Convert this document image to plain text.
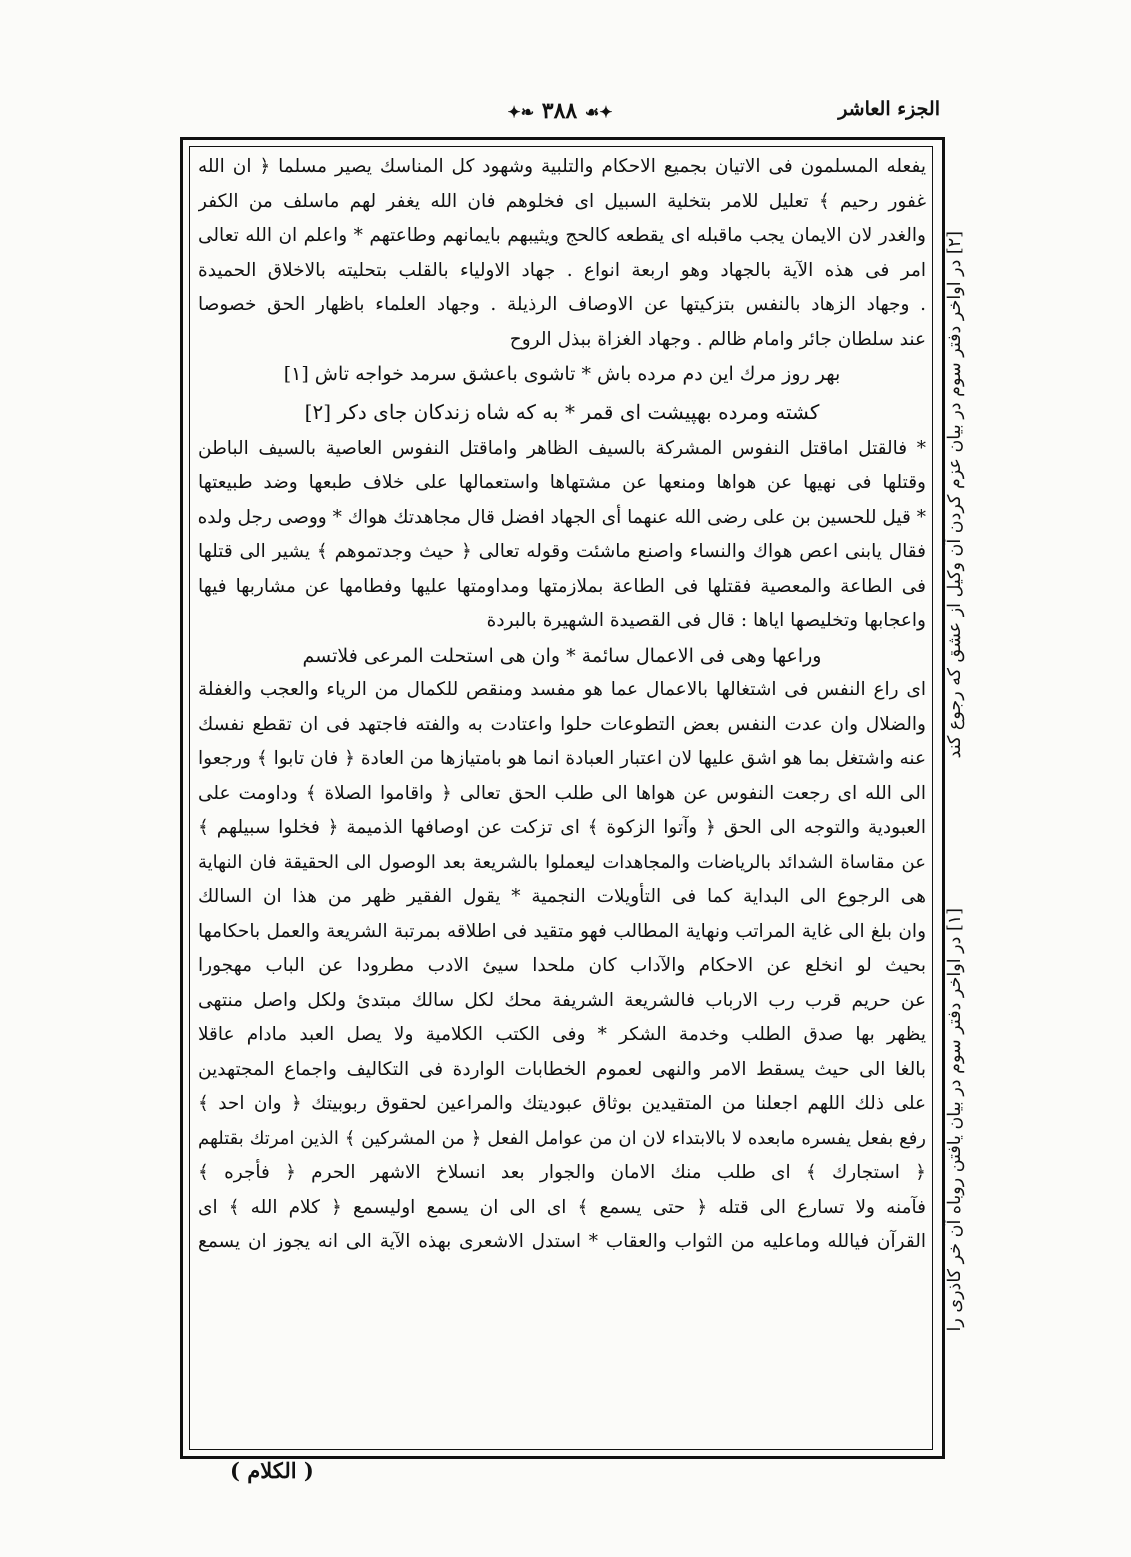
✦❧ ٣٨٨ ☙✦	الجزء العاشر
يفعله المسلمون فى الاتيان بجميع الاحكام والتلبية وشهود كل المناسك يصير مسلما ﴿ ان الله
غفور رحيم ﴾ تعليل للامر بتخلية السبيل اى فخلوهم فان الله يغفر لهم ماسلف من الكفر
والغدر لان الايمان يجب ماقبله اى يقطعه كالحج ويثيبهم بايمانهم وطاعتهم * واعلم ان الله تعالى
امر فى هذه الآية بالجهاد وهو اربعة انواع . جهاد الاولياء بالقلب بتحليته بالاخلاق الحميدة
. وجهاد الزهاد بالنفس بتزكيتها عن الاوصاف الرذيلة . وجهاد العلماء باظهار الحق خصوصا
عند سلطان جائر وامام ظالم . وجهاد الغزاة ببذل الروح
بهر روز مرك اين دم مرده باش * تاشوى باعشق سرمد خواجه تاش [١]
كشته ومرده بهپيشت اى قمر * به كه شاه زندكان جاى دكر [٢]
* فالقتل اماقتل النفوس المشركة بالسيف الظاهر واماقتل النفوس العاصية بالسيف الباطن
وقتلها فى نهيها عن هواها ومنعها عن مشتهاها واستعمالها على خلاف طبعها وضد طبيعتها
* قيل للحسين بن على رضى الله عنهما أى الجهاد افضل قال مجاهدتك هواك * ووصى رجل ولده
فقال يابنى اعص هواك والنساء واصنع ماشئت وقوله تعالى ﴿ حيث وجدتموهم ﴾ يشير الى قتلها
فى الطاعة والمعصية فقتلها فى الطاعة بملازمتها ومداومتها عليها وفطامها عن مشاربها فيها
واعجابها وتخليصها اياها : قال فى القصيدة الشهيرة بالبردة
وراعها وهى فى الاعمال سائمة * وان هى استحلت المرعى فلاتسم
اى راع النفس فى اشتغالها بالاعمال عما هو مفسد ومنقص للكمال من الرياء والعجب والغفلة
والضلال وان عدت النفس بعض التطوعات حلوا واعتادت به والفته فاجتهد فى ان تقطع نفسك
عنه واشتغل بما هو اشق عليها لان اعتبار العبادة انما هو بامتيازها من العادة ﴿ فان تابوا ﴾ ورجعوا
الى الله اى رجعت النفوس عن هواها الى طلب الحق تعالى ﴿ واقاموا الصلاة ﴾ وداومت على
العبودية والتوجه الى الحق ﴿ وآتوا الزكوة ﴾ اى تزكت عن اوصافها الذميمة ﴿ فخلوا سبيلهم ﴾
عن مقاساة الشدائد بالرياضات والمجاهدات ليعملوا بالشريعة بعد الوصول الى الحقيقة فان النهاية
هى الرجوع الى البداية كما فى التأويلات النجمية * يقول الفقير ظهر من هذا ان السالك
وان بلغ الى غاية المراتب ونهاية المطالب فهو متقيد فى اطلاقه بمرتبة الشريعة والعمل باحكامها
بحيث لو انخلع عن الاحكام والآداب كان ملحدا سيئ الادب مطرودا عن الباب مهجورا
عن حريم قرب رب الارباب فالشريعة الشريفة محك لكل سالك مبتدئ ولكل واصل منتهى
يظهر بها صدق الطلب وخدمة الشكر * وفى الكتب الكلامية ولا يصل العبد مادام عاقلا
بالغا الى حيث يسقط الامر والنهى لعموم الخطابات الواردة فى التكاليف واجماع المجتهدين
على ذلك اللهم اجعلنا من المتقيدين بوثاق عبوديتك والمراعين لحقوق ربوبيتك ﴿ وان احد ﴾
رفع بفعل يفسره مابعده لا بالابتداء لان ان من عوامل الفعل ﴿ من المشركين ﴾ الذين امرتك بقتلهم
﴿ استجارك ﴾ اى طلب منك الامان والجوار بعد انسلاخ الاشهر الحرم ﴿ فأجره ﴾
فآمنه ولا تسارع الى قتله ﴿ حتى يسمع ﴾ اى الى ان يسمع اوليسمع ﴿ كلام الله ﴾ اى
القرآن فيالله وماعليه من الثواب والعقاب * استدل الاشعرى بهذه الآية الى انه يجوز ان يسمع [١] در اواخر دفتر سوم در بيان يافتن روباه آن خر كاذرى را
[٢] در اواخر دفتر سوم در بيان عزم كردن آن وكيل از عشق كه رجوع كند
( الكلام )
